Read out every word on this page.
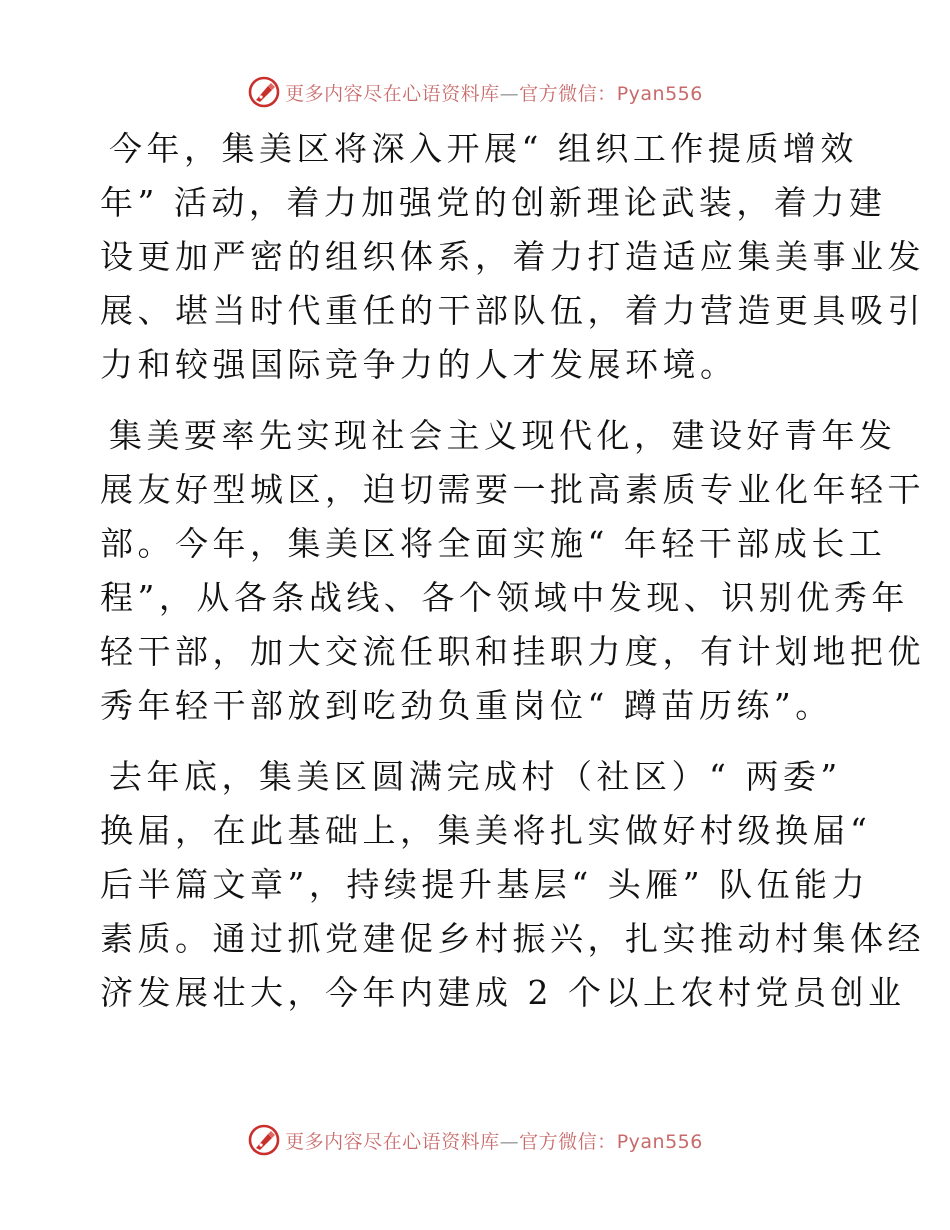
更多内容尽在心语资料库—官方微信：Pyan556
今年，集美区将深入开展“ 组织工作提质增效
年” 活动，着力加强党的创新理论武装，着力建
设更加严密的组织体系，着力打造适应集美事业发
展、堪当时代重任的干部队伍，着力营造更具吸引
力和较强国际竞争力的人才发展环境。
集美要率先实现社会主义现代化，建设好青年发
展友好型城区，迫切需要一批高素质专业化年轻干
部。今年，集美区将全面实施“ 年轻干部成长工
程”，从各条战线、各个领域中发现、识别优秀年
轻干部，加大交流任职和挂职力度，有计划地把优
秀年轻干部放到吃劲负重岗位“ 蹲苗历练”。
去年底，集美区圆满完成村（社区）“ 两委”
换届，在此基础上，集美将扎实做好村级换届“
后半篇文章”，持续提升基层“ 头雁” 队伍能力
素质。通过抓党建促乡村振兴，扎实推动村集体经
济发展壮大，今年内建成 2 个以上农村党员创业
更多内容尽在心语资料库—官方微信：Pyan556
